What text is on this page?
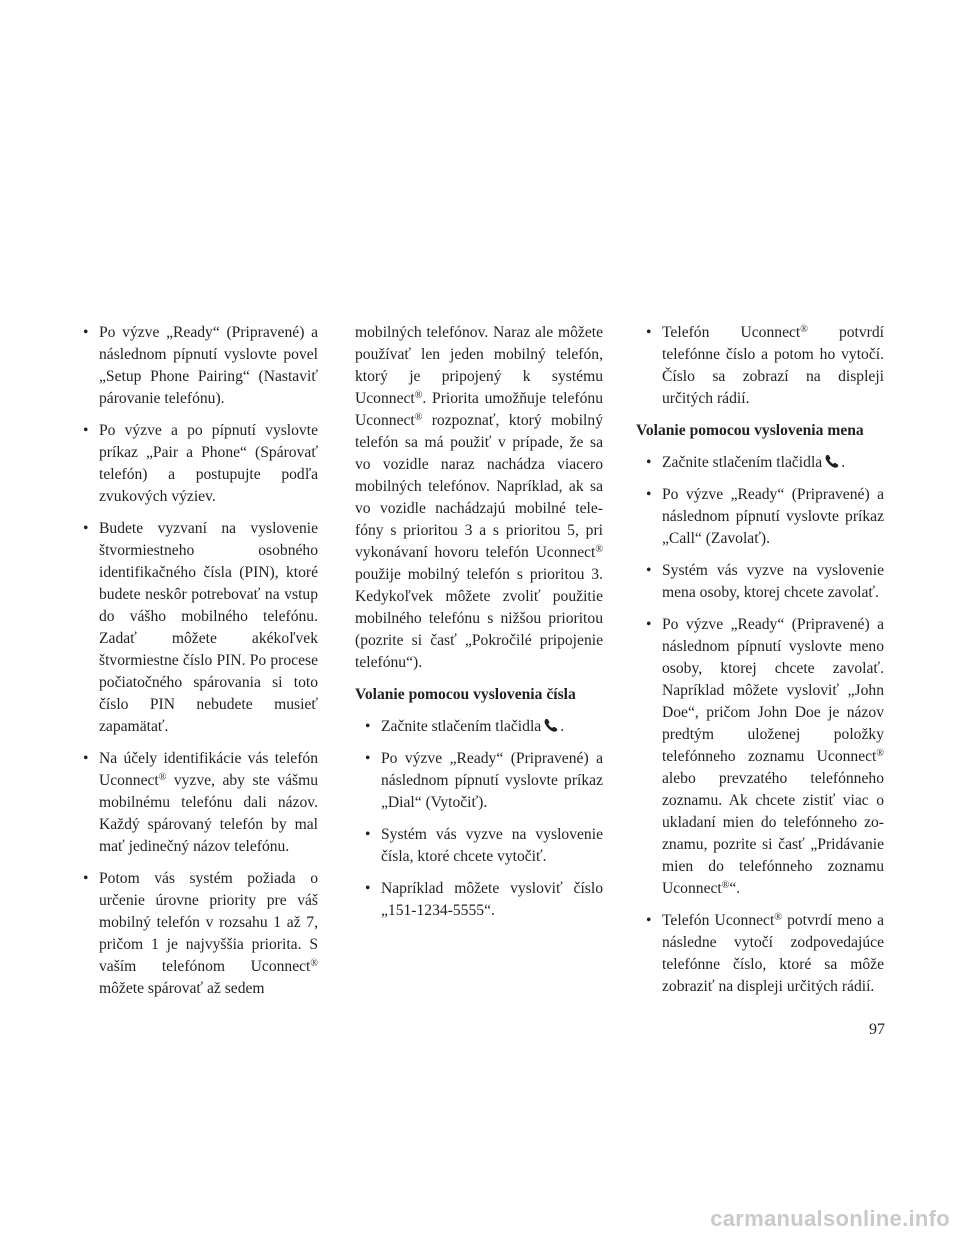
• Po výzve „Ready“ (Pripravené) a následnom pípnutí vyslovte povel „Setup Phone Pairing“ (Nastaviť párovanie telefónu).
• Po výzve a po pípnutí vyslovte príkaz „Pair a Phone“ (Spárovať telefón) a postupujte podľa zvukových výziev.
• Budete vyzvaní na vyslovenie štvormiestneho osobného identifikačného čísla (PIN), ktoré budete neskôr potrebovať na vstup do vášho mobilného telefónu. Zadať môžete akékoľvek štvormiestne číslo PIN. Po procese počiatočného spárovania si toto číslo PIN nebudete musieť zapamätať.
• Na účely identifikácie vás telefón Uconnect® vyzve, aby ste vášmu mobilnému telefónu dali názov. Každý spárovaný telefón by mal mať jedinečný názov telefónu.
• Potom vás systém požiada o určenie úrovne priority pre váš mobilný telefón v rozsahu 1 až 7, pričom 1 je najvyššia priorita. S vaším telefónom Uconnect® môžete spárovať až sedem
mobilných telefónov. Naraz ale môžete používať len jeden mobilný telefón, ktorý je pripojený k systému Uconnect®. Priorita umožňuje telefónu Uconnect® rozpoznať, ktorý mobilný telefón sa má použiť v prípade, že sa vo vozidle naraz nachádza viacero mobilných telefónov. Napríklad, ak sa vo vozidle nachádzajú mobilné telefóny s prioritou 3 a s prioritou 5, pri vykonávaní hovoru telefón Uconnect® použije mobilný telefón s prioritou 3. Kedykoľvek môžete zvoliť použitie mobilného telefónu s nižšou prioritou (pozrite si časť „Pokročilé pripojenie telefónu“).
Volanie pomocou vyslovenia čísla
• Začnite stlačením tlačidla .
• Po výzve „Ready“ (Pripravené) a následnom pípnutí vyslovte príkaz „Dial“ (Vytočiť).
• Systém vás vyzve na vyslovenie čísla, ktoré chcete vytočiť.
• Napríklad môžete vysloviť číslo „151-1234-5555“.
• Telefón Uconnect® potvrdí telefónne číslo a potom ho vytočí. Číslo sa zobrazí na displeji určitých rádií.
Volanie pomocou vyslovenia mena
• Začnite stlačením tlačidla .
• Po výzve „Ready“ (Pripravené) a následnom pípnutí vyslovte príkaz „Call“ (Zavolať).
• Systém vás vyzve na vyslovenie mena osoby, ktorej chcete zavolať.
• Po výzve „Ready“ (Pripravené) a následnom pípnutí vyslovte meno osoby, ktorej chcete zavolať. Napríklad môžete vysloviť „John Doe“, pričom John Doe je názov predtým uloženej položky telefónneho zoznamu Uconnect® alebo prevzatého telefónneho zoznamu. Ak chcete zistiť viac o ukladaní mien do telefónneho zoznamu, pozrite si časť „Pridávanie mien do telefónneho zoznamu Uconnect®“.
• Telefón Uconnect® potvrdí meno a následne vytočí zodpovedajúce telefónne číslo, ktoré sa môže zobraziť na displeji určitých rádií.
97
carmanualsonline.info
